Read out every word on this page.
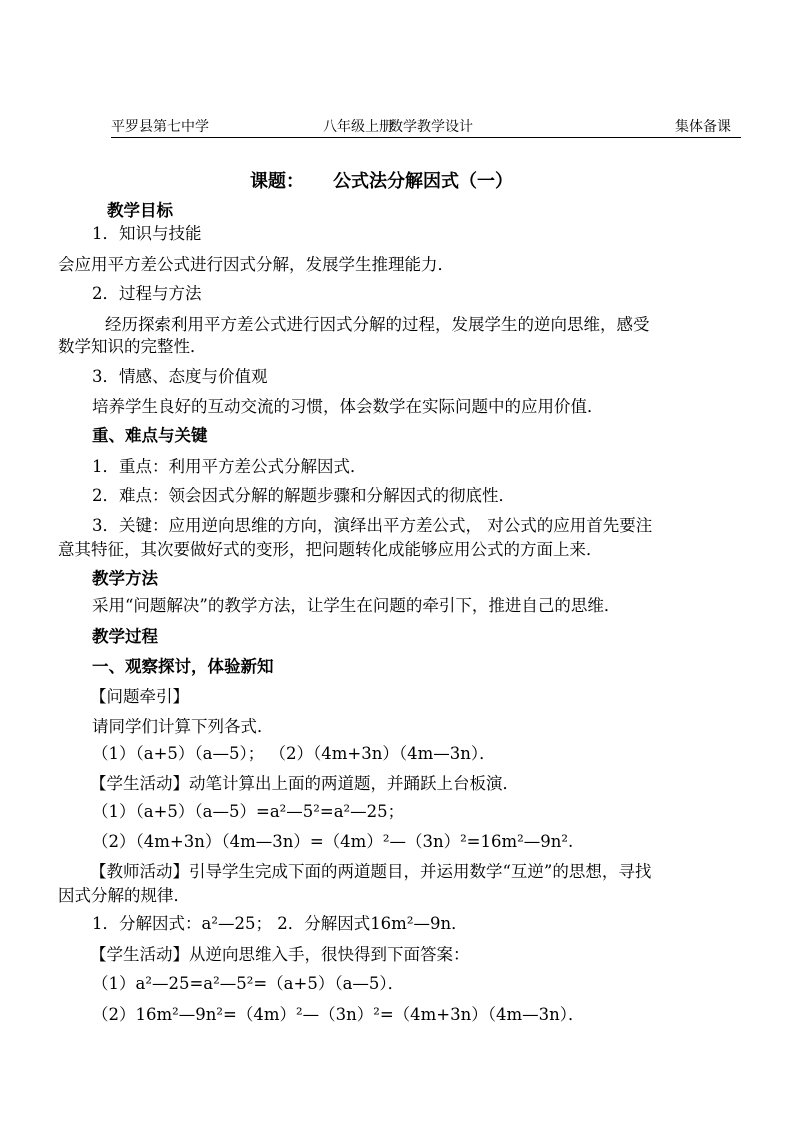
平罗县第七中学	八年级上册
数学教学设计	集体备课
课题： 公式法分解因式（一）
教学目标
1．知识与技能
会应用平方差公式进行因式分解，发展学生推理能力．
2．过程与方法
经历探索利用平方差公式进行因式分解的过程，发展学生的逆向思维，感受
数学知识的完整性．
3．情感、态度与价值观
培养学生良好的互动交流的习惯，体会数学在实际问题中的应用价值．
重、难点与关键
1．重点：利用平方差公式分解因式．
2．难点：领会因式分解的解题步骤和分解因式的彻底性．
3．关键：应用逆向思维的方向，演绎出平方差公式， 对公式的应用首先要注
意其特征，其次要做好式的变形，把问题转化成能够应用公式的方面上来．
教学方法
采用“问题解决”的教学方法，让学生在问题的牵引下，推进自己的思维．
教学过程
一、观察探讨，体验新知
【问题牵引】
请同学们计算下列各式．
（1）（a+5）（a—5）； （2）（4m+3n）（4m—3n）．
【学生活动】动笔计算出上面的两道题，并踊跃上台板演．
（1）（a+5）（a—5）=a²—5²=a²—25；
（2）（4m+3n）（4m—3n）=（4m）²—（3n）²=16m²—9n².
【教师活动】引导学生完成下面的两道题目，并运用数学“互逆”的思想，寻找
因式分解的规律．
1．分解因式：a²—25； 2．分解因式16m²—9n．
【学生活动】从逆向思维入手，很快得到下面答案：
（1）a²—25=a²—5²=（a+5）（a—5）．
（2）16m²—9n²=（4m）²—（3n）²=（4m+3n）（4m—3n）．
